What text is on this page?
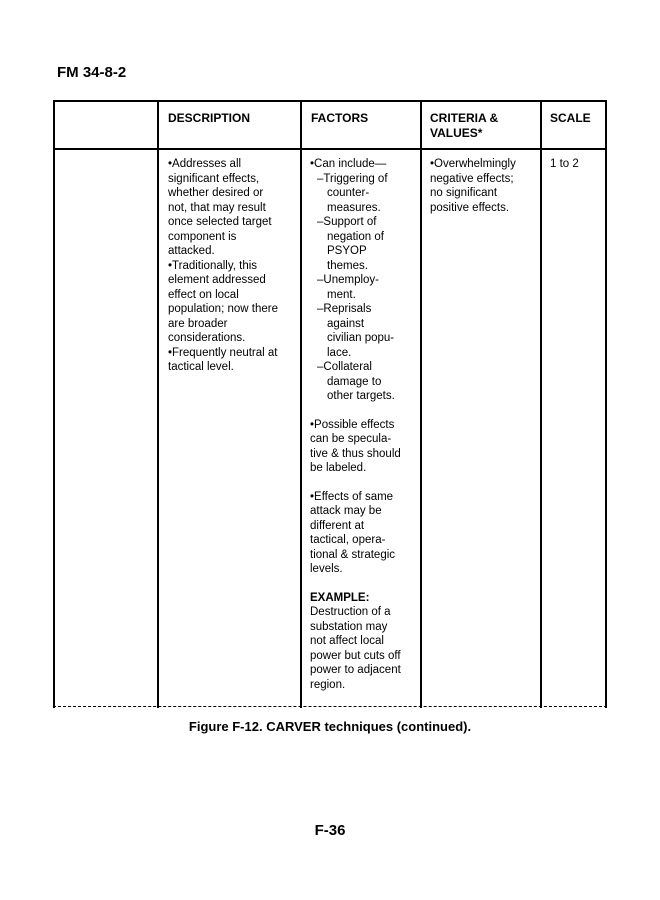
FM 34-8-2
DESCRIPTION	FACTORS	CRITERIA &
VALUES*
SCALE
•Addresses all
significant effects,
whether desired or
not, that may result
once selected target
component is
attacked.
•Traditionally, this
element addressed
effect on local
population; now there
are broader
considerations.
•Frequently neutral at
tactical level.
•Can include—
–Triggering of
counter-
measures.
–Support of
negation of
PSYOP
themes.
–Unemploy-
ment.
–Reprisals
against
civilian popu-
lace.
–Collateral
damage to
other targets.
•Possible effects
can be specula-
tive & thus should
be labeled.
•Effects of same
attack may be
different at
tactical, opera-
tional & strategic
levels.
EXAMPLE:
Destruction of a
substation may
not affect local
power but cuts off
power to adjacent
region.
•Overwhelmingly
negative effects;
no significant
positive effects.
1 to 2
Figure F-12. CARVER techniques (continued).
F-36
